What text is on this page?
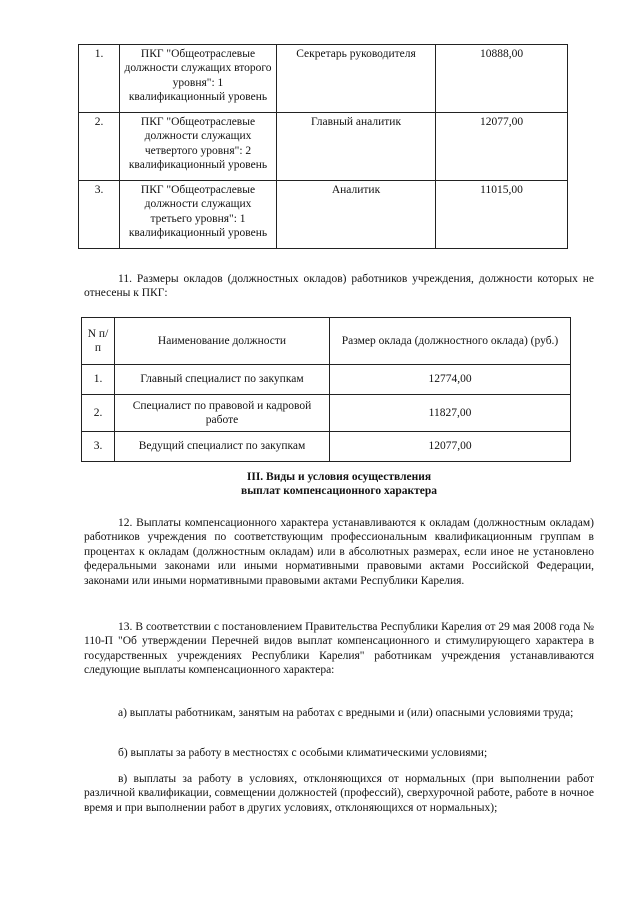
1.	ПКГ "Общеотраслевые должности служащих второго уровня": 1 квалификационный уровень	Секретарь руководителя	10888,00
2.	ПКГ "Общеотраслевые должности служащих четвертого уровня": 2 квалификационный уровень	Главный аналитик	12077,00
3.	ПКГ "Общеотраслевые должности служащих третьего уровня": 1 квалификационный уровень	Аналитик	11015,00
11. Размеры окладов (должностных окладов) работников учреждения, должности которых не отнесены к ПКГ:
N п/п	Наименование должности	Размер оклада (должностного оклада) (руб.)
1.	Главный специалист по закупкам	12774,00
2.	Специалист по правовой и кадровой работе	11827,00
3.	Ведущий специалист по закупкам	12077,00
III. Виды и условия осуществления
выплат компенсационного характера
12. Выплаты компенсационного характера устанавливаются к окладам (должностным окладам) работников учреждения по соответствующим профессиональным квалификационным группам в процентах к окладам (должностным окладам) или в абсолютных размерах, если иное не установлено федеральными законами или иными нормативными правовыми актами Российской Федерации, законами или иными нормативными правовыми актами Республики Карелия.
13. В соответствии с постановлением Правительства Республики Карелия от 29 мая 2008 года № 110-П "Об утверждении Перечней видов выплат компенсационного и стимулирующего характера в государственных учреждениях Республики Карелия" работникам учреждения устанавливаются следующие выплаты компенсационного характера:
а) выплаты работникам, занятым на работах с вредными и (или) опасными условиями труда;
б) выплаты за работу в местностях с особыми климатическими условиями;
в) выплаты за работу в условиях, отклоняющихся от нормальных (при выполнении работ различной квалификации, совмещении должностей (профессий), сверхурочной работе, работе в ночное время и при выполнении работ в других условиях, отклоняющихся от нормальных);
